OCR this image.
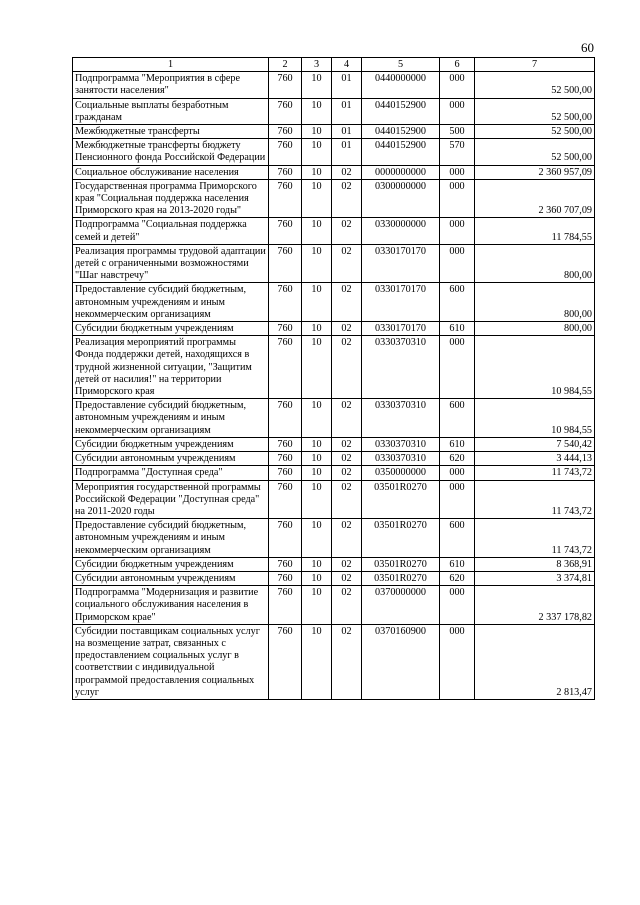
60
1	2	3	4	5	6	7
Подпрограмма "Мероприятия в сфере занятости населения"	760	10	01	0440000000	000	52 500,00
Социальные выплаты безработным гражданам	760	10	01	0440152900	000	52 500,00
Межбюджетные трансферты	760	10	01	0440152900	500	52 500,00
Межбюджетные трансферты бюджету Пенсионного фонда Российской Федерации	760	10	01	0440152900	570	52 500,00
Социальное обслуживание населения	760	10	02	0000000000	000	2 360 957,09
Государственная программа Приморского края "Социальная поддержка населения Приморского края на 2013-2020 годы"	760	10	02	0300000000	000	2 360 707,09
Подпрограмма "Социальная поддержка семей и детей"	760	10	02	0330000000	000	11 784,55
Реализация программы трудовой адаптации детей с ограниченными возможностями "Шаг навстречу"	760	10	02	0330170170	000	800,00
Предоставление субсидий бюджетным, автономным учреждениям и иным некоммерческим организациям	760	10	02	0330170170	600	800,00
Субсидии бюджетным учреждениям	760	10	02	0330170170	610	800,00
Реализация мероприятий программы Фонда поддержки детей, находящихся в трудной жизненной ситуации, "Защитим детей от насилия!" на территории Приморского края	760	10	02	0330370310	000	10 984,55
Предоставление субсидий бюджетным, автономным учреждениям и иным некоммерческим организациям	760	10	02	0330370310	600	10 984,55
Субсидии бюджетным учреждениям	760	10	02	0330370310	610	7 540,42
Субсидии автономным учреждениям	760	10	02	0330370310	620	3 444,13
Подпрограмма "Доступная среда"	760	10	02	0350000000	000	11 743,72
Мероприятия государственной программы Российской Федерации "Доступная среда" на 2011-2020 годы	760	10	02	03501R0270	000	11 743,72
Предоставление субсидий бюджетным, автономным учреждениям и иным некоммерческим организациям	760	10	02	03501R0270	600	11 743,72
Субсидии бюджетным учреждениям	760	10	02	03501R0270	610	8 368,91
Субсидии автономным учреждениям	760	10	02	03501R0270	620	3 374,81
Подпрограмма "Модернизация и развитие социального обслуживания населения в Приморском крае"	760	10	02	0370000000	000	2 337 178,82
Субсидии поставщикам социальных услуг на возмещение затрат, связанных с предоставлением социальных услуг в соответствии с индивидуальной программой предоставления социальных услуг	760	10	02	0370160900	000	2 813,47
